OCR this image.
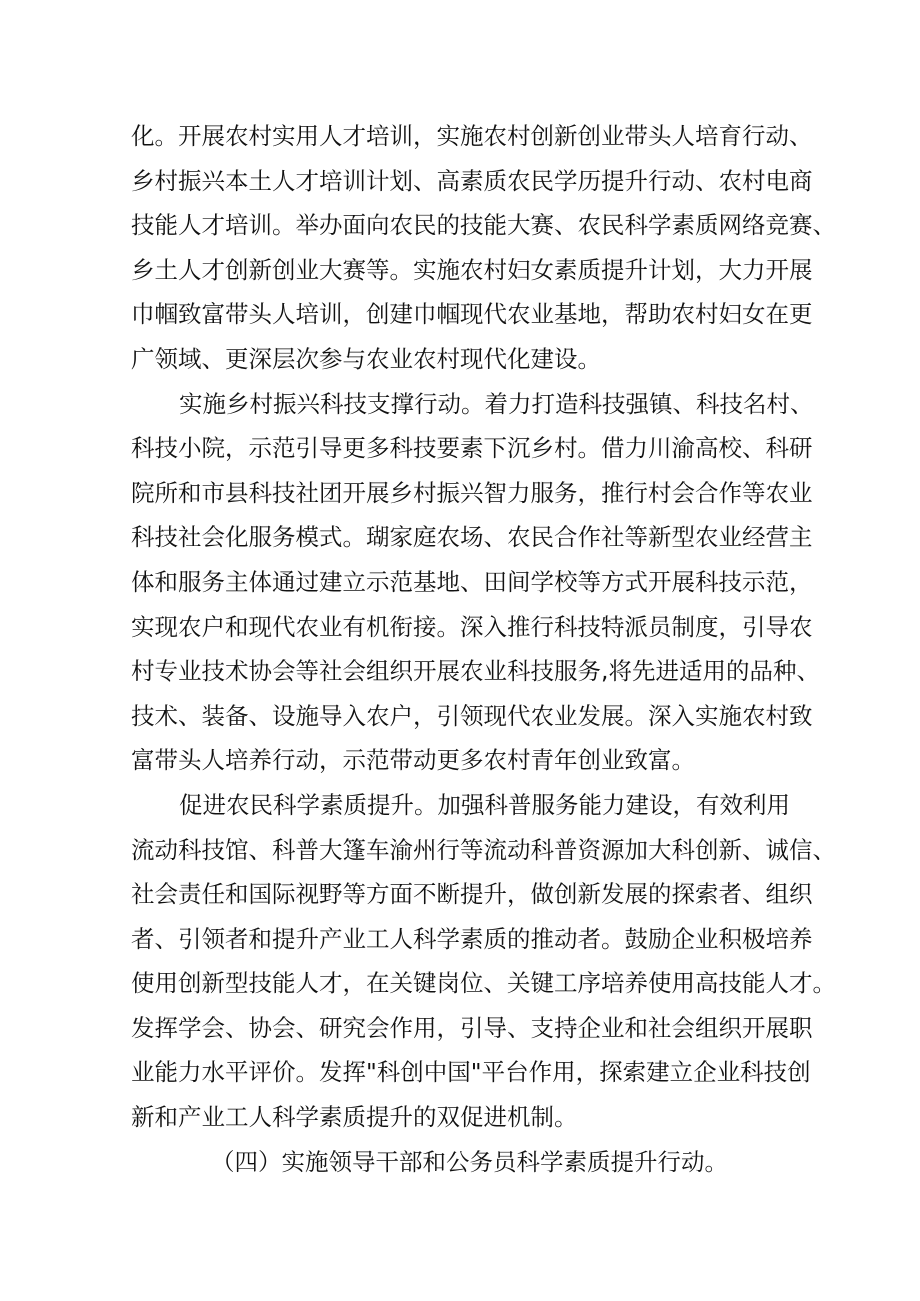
化。开展农村实用人才培训，实施农村创新创业带头人培育行动、
乡村振兴本土人才培训计划、高素质农民学历提升行动、农村电商
技能人才培训。举办面向农民的技能大赛、农民科学素质网络竞赛、
乡土人才创新创业大赛等。实施农村妇女素质提升计划，大力开展
巾帼致富带头人培训，创建巾帼现代农业基地，帮助农村妇女在更
广领域、更深层次参与农业农村现代化建设。
实施乡村振兴科技支撑行动。着力打造科技强镇、科技名村、
科技小院，示范引导更多科技要素下沉乡村。借力川渝高校、科研
院所和市县科技社团开展乡村振兴智力服务，推行村会合作等农业
科技社会化服务模式。瑚家庭农场、农民合作社等新型农业经营主
体和服务主体通过建立示范基地、田间学校等方式开展科技示范，
实现农户和现代农业有机衔接。深入推行科技特派员制度，引导农
村专业技术协会等社会组织开展农业科技服务,将先进适用的品种、
技术、装备、设施导入农户，引领现代农业发展。深入实施农村致
富带头人培养行动，示范带动更多农村青年创业致富。
促进农民科学素质提升。加强科普服务能力建设，有效利用
流动科技馆、科普大篷车渝州行等流动科普资源加大科创新、诚信、
社会责任和国际视野等方面不断提升，做创新发展的探索者、组织
者、引领者和提升产业工人科学素质的推动者。鼓励企业积极培养
使用创新型技能人才，在关键岗位、关键工序培养使用高技能人才。
发挥学会、协会、研究会作用，引导、支持企业和社会组织开展职
业能力水平评价。发挥"科创中国"平台作用，探索建立企业科技创
新和产业工人科学素质提升的双促进机制。
（四）实施领导干部和公务员科学素质提升行动。
